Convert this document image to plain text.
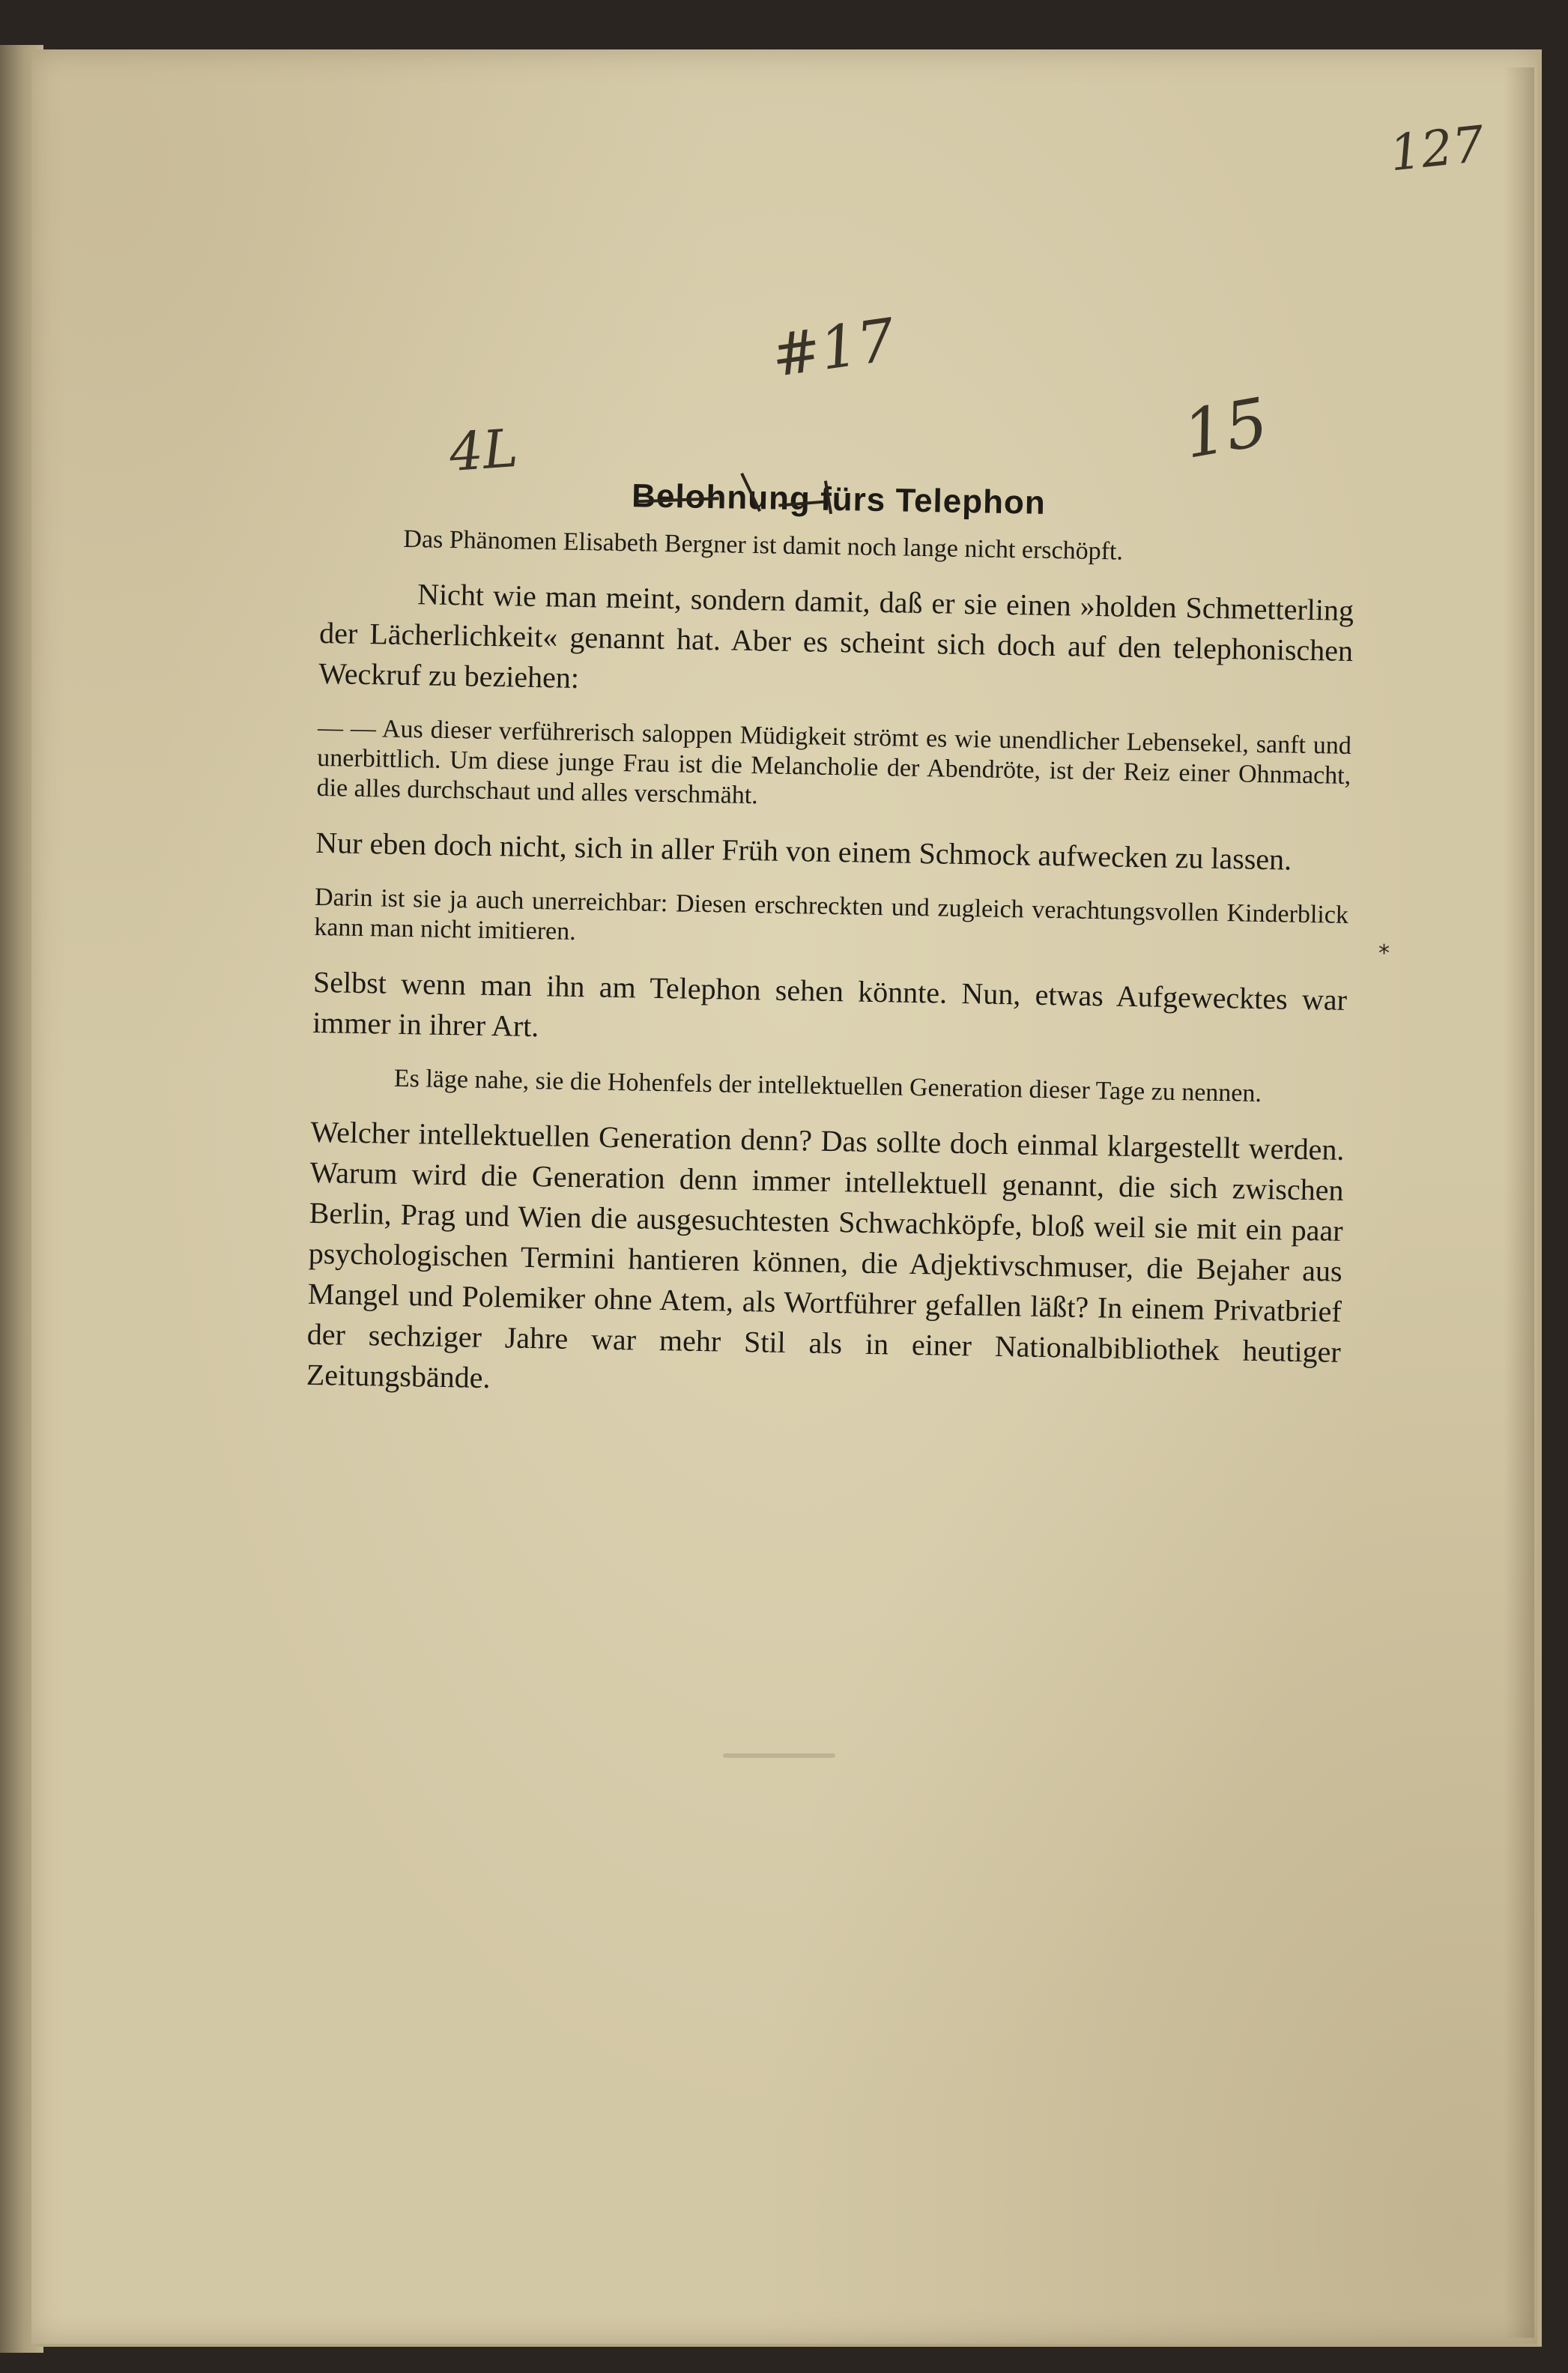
127
#17
4L	15
Belohnung fürs Telephon

Das Phänomen Elisabeth Bergner ist damit noch lange nicht erschöpft.

Nicht wie man meint, sondern damit, daß er sie einen »holden Schmetterling der Lächerlichkeit« genannt hat. Aber es scheint sich doch auf den telephonischen Weckruf zu beziehen:

— — Aus dieser verführerisch saloppen Müdigkeit strömt es wie unendlicher Lebensekel, sanft und unerbittlich. Um diese junge Frau ist die Melancholie der Abendröte, ist der Reiz einer Ohnmacht, die alles durchschaut und alles verschmäht.

Nur eben doch nicht, sich in aller Früh von einem Schmock aufwecken zu lassen.

Darin ist sie ja auch unerreichbar: Diesen erschreckten und zugleich verachtungsvollen Kinderblick kann man nicht imitieren.

Selbst wenn man ihn am Telephon sehen könnte. Nun, etwas Aufgewecktes war immer in ihrer Art.

Es läge nahe, sie die Hohenfels der intellektuellen Generation dieser Tage zu nennen.

Welcher intellektuellen Generation denn? Das sollte doch einmal klargestellt werden. Warum wird die Generation denn immer intellektuell genannt, die sich zwischen Berlin, Prag und Wien die ausgesuchtesten Schwachköpfe, bloß weil sie mit ein paar psychologischen Termini hantieren können, die Adjektivschmuser, die Bejaher aus Mangel und Polemiker ohne Atem, als Wortführer gefallen läßt? In einem Privatbrief der sechziger Jahre war mehr Stil als in einer Nationalbibliothek heutiger Zeitungsbände.

*
